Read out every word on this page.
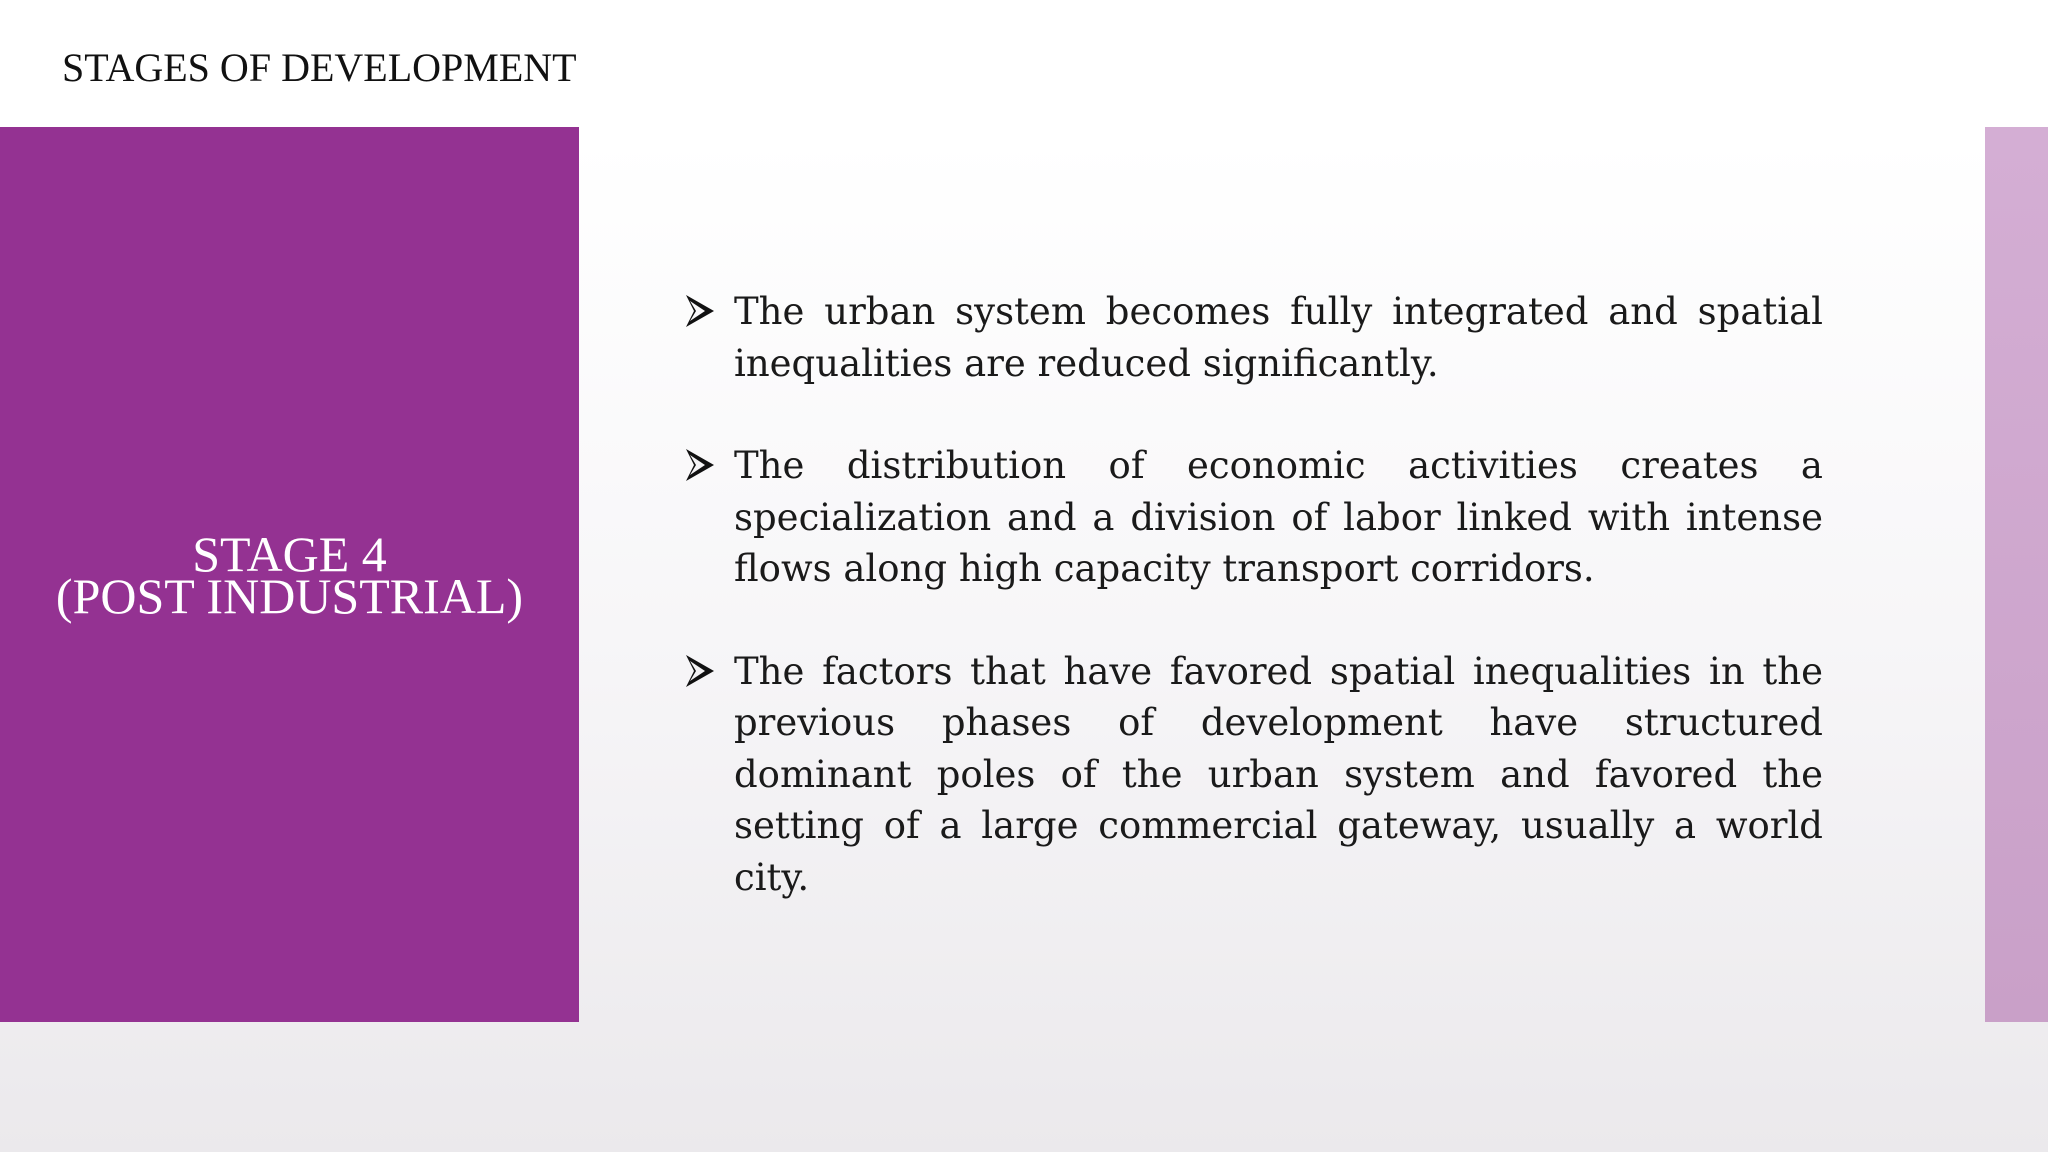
STAGES OF DEVELOPMENT
STAGE 4
(POST INDUSTRIAL)
The urban system becomes fully integrated and spatial inequalities are reduced significantly.
The distribution of economic activities creates a specialization and a division of labor linked with intense flows along high capacity transport corridors.
The factors that have favored spatial inequalities in the previous phases of development have structured dominant poles of the urban system and favored the setting of a large commercial gateway, usually a world city.
